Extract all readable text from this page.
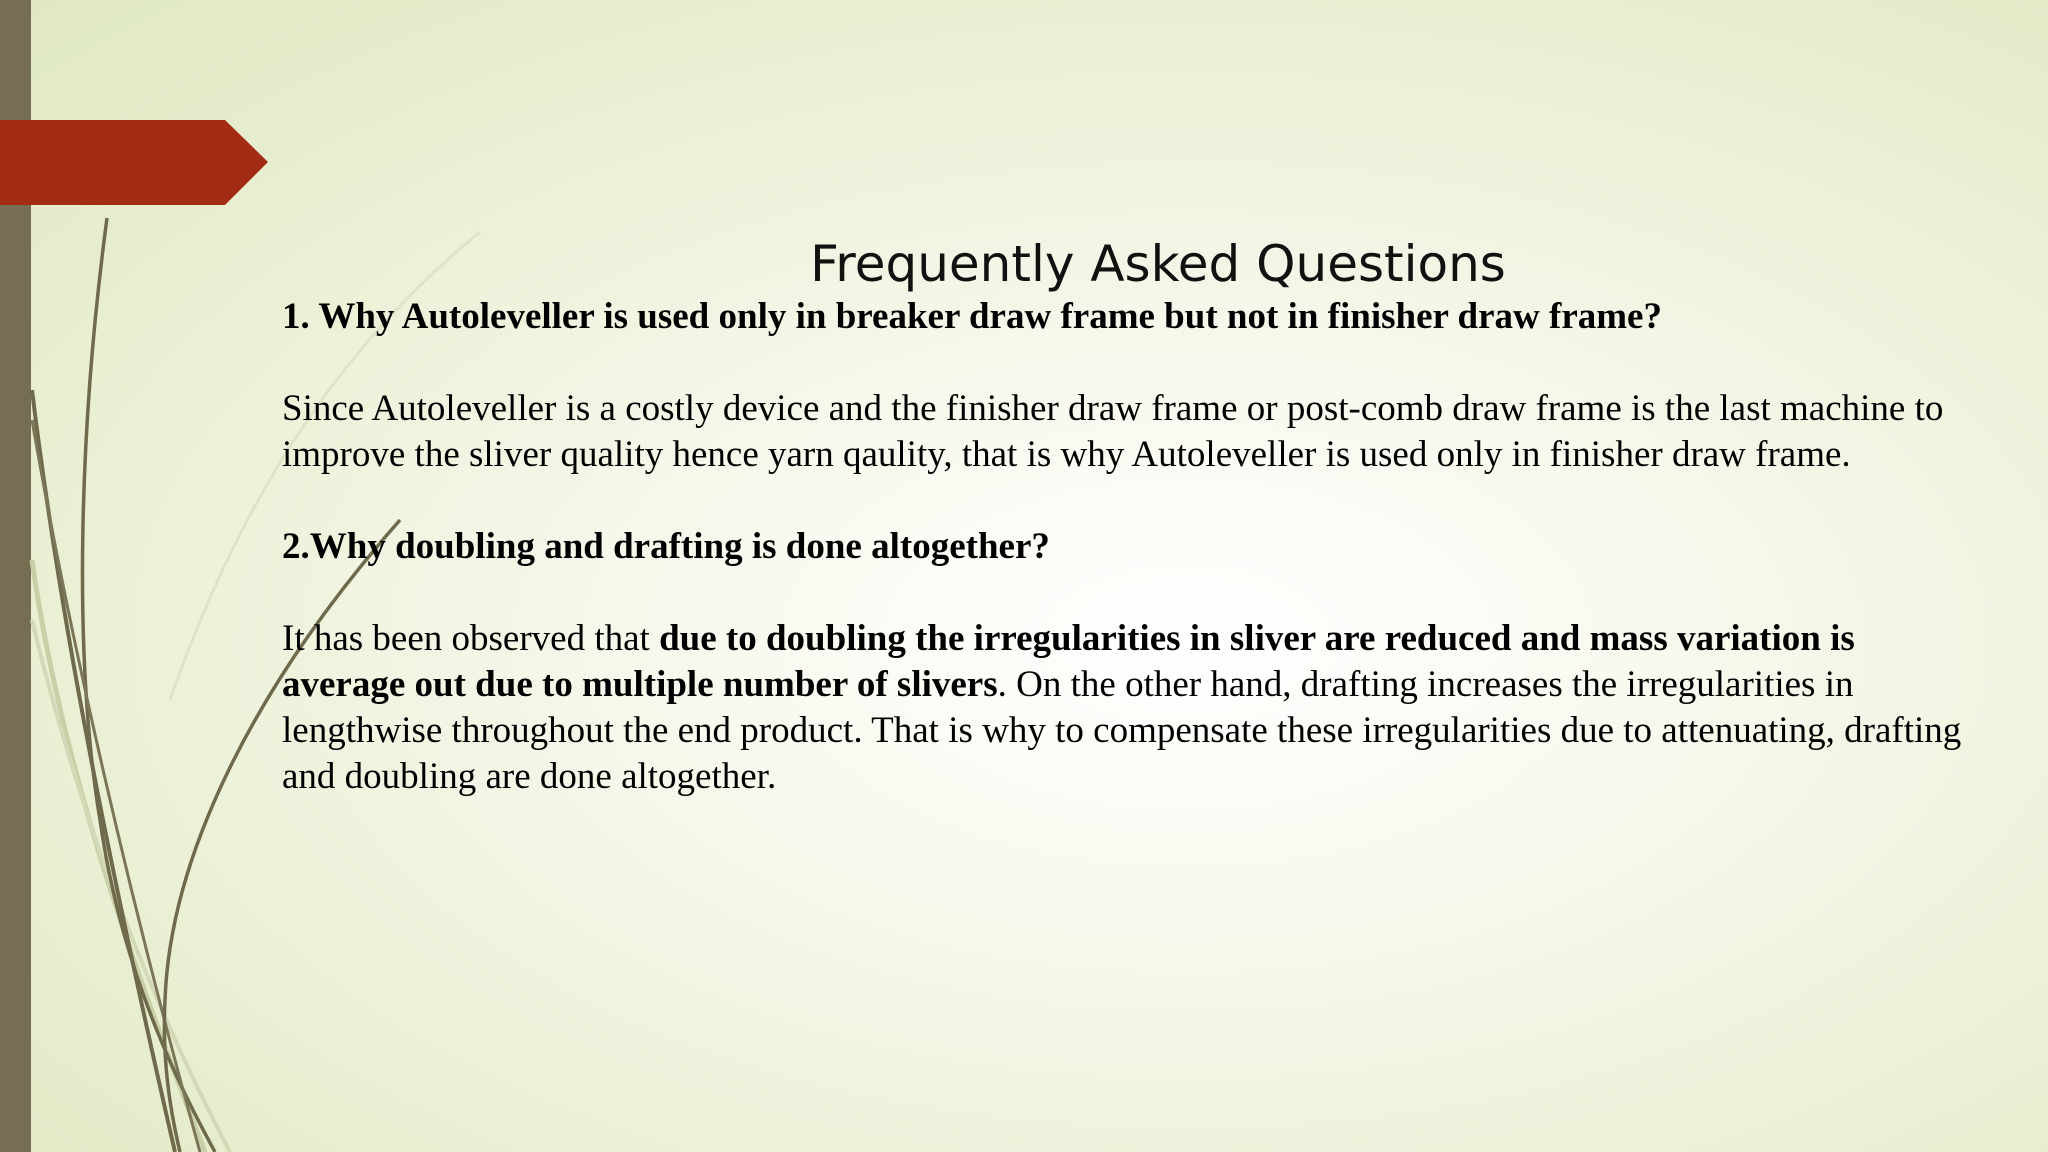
Frequently Asked Questions

1. Why Autoleveller is used only in breaker draw frame but not in finisher draw frame?

Since Autoleveller is a costly device and the finisher draw frame or post-comb draw frame is the last machine to

improve the sliver quality hence yarn qaulity, that is why Autoleveller is used only in finisher draw frame.

2.Why doubling and drafting is done altogether?

It has been observed that due to doubling the irregularities in sliver are reduced and mass variation is

average out due to multiple number of slivers. On the other hand, drafting increases the irregularities in

lengthwise throughout the end product. That is why to compensate these irregularities due to attenuating, drafting

and doubling are done altogether.
